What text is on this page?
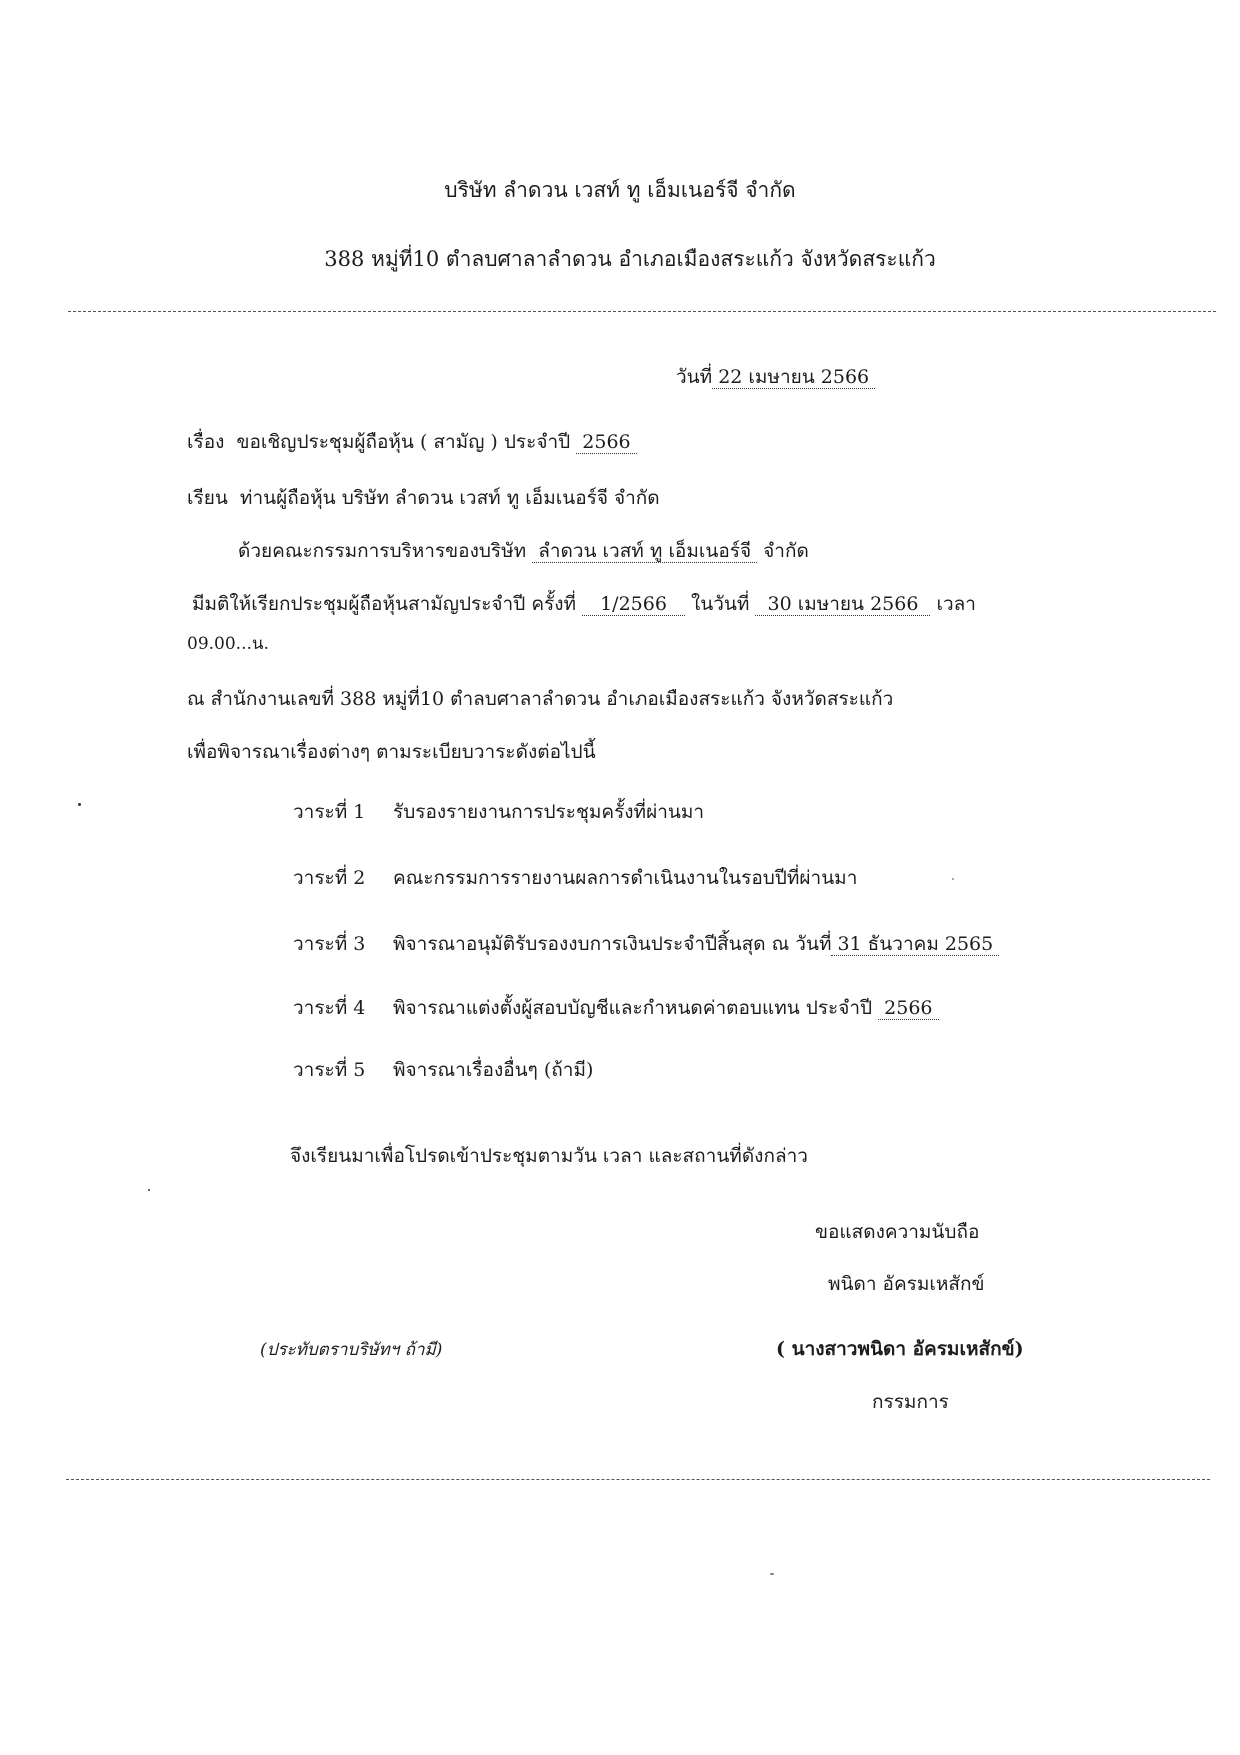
บริษัท ลำดวน เวสท์ ทู เอ็มเนอร์จี จำกัด
388 หมู่ที่10 ตำลบศาลาลำดวน อำเภอเมืองสระแก้ว จังหวัดสระแก้ว
วันที่ 22 เมษายน 2566
เรื่อง ขอเชิญประชุมผู้ถือหุ้น ( สามัญ ) ประจำปี 2566
เรียน ท่านผู้ถือหุ้น บริษัท ลำดวน เวสท์ ทู เอ็มเนอร์จี จำกัด
ด้วยคณะกรรมการบริหารของบริษัท ลำดวน เวสท์ ทู เอ็มเนอร์จี จำกัด
มีมติให้เรียกประชุมผู้ถือหุ้นสามัญประจำปี ครั้งที่ 1/2566 ในวันที่ 30 เมษายน 2566 เวลา
09.00...น.
ณ สำนักงานเลขที่ 388 หมู่ที่10 ตำลบศาลาลำดวน อำเภอเมืองสระแก้ว จังหวัดสระแก้ว
เพื่อพิจารณาเรื่องต่างๆ ตามระเบียบวาระดังต่อไปนี้
วาระที่ 1 รับรองรายงานการประชุมครั้งที่ผ่านมา
วาระที่ 2 คณะกรรมการรายงานผลการดำเนินงานในรอบปีที่ผ่านมา
วาระที่ 3 พิจารณาอนุมัติรับรองงบการเงินประจำปีสิ้นสุด ณ วันที่ 31 ธันวาคม 2565
วาระที่ 4 พิจารณาแต่งตั้งผู้สอบบัญชีและกำหนดค่าตอบแทน ประจำปี 2566
วาระที่ 5 พิจารณาเรื่องอื่นๆ (ถ้ามี)
จึงเรียนมาเพื่อโปรดเข้าประชุมตามวัน เวลา และสถานที่ดังกล่าว
ขอแสดงความนับถือ
พนิดา อัครมเหสักข์
(ประทับตราบริษัทฯ ถ้ามี)	( นางสาวพนิดา อัครมเหสักข์)
กรรมการ
